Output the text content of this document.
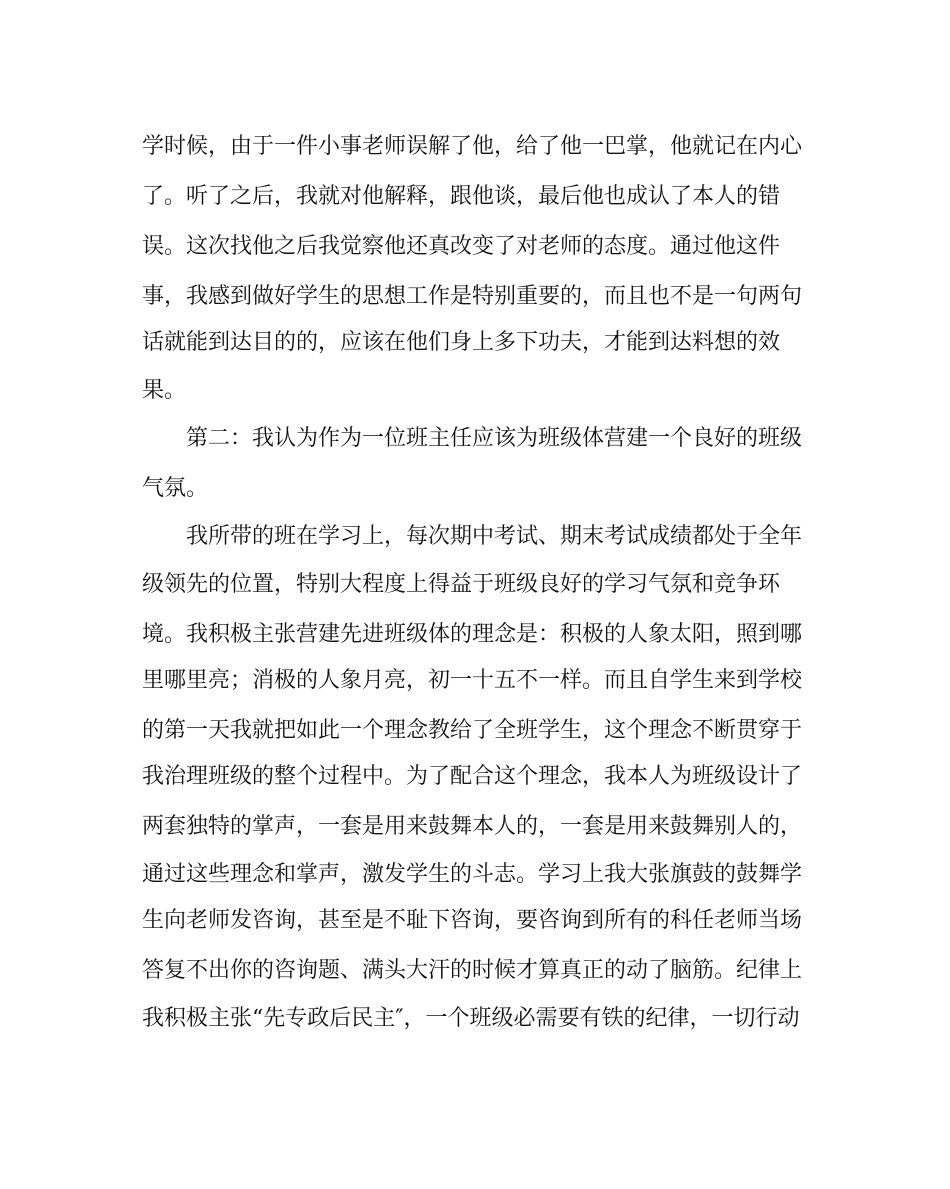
学时候，由于一件小事老师误解了他，给了他一巴掌，他就记在内心

了。听了之后，我就对他解释，跟他谈，最后他也成认了本人的错

误。这次找他之后我觉察他还真改变了对老师的态度。通过他这件

事，我感到做好学生的思想工作是特别重要的，而且也不是一句两句

话就能到达目的的，应该在他们身上多下功夫，才能到达料想的效

果。

第二：我认为作为一位班主任应该为班级体营建一个良好的班级

气氛。

我所带的班在学习上，每次期中考试、期末考试成绩都处于全年

级领先的位置，特别大程度上得益于班级良好的学习气氛和竞争环

境。我积极主张营建先进班级体的理念是：积极的人象太阳，照到哪

里哪里亮；消极的人象月亮，初一十五不一样。而且自学生来到学校

的第一天我就把如此一个理念教给了全班学生，这个理念不断贯穿于

我治理班级的整个过程中。为了配合这个理念，我本人为班级设计了

两套独特的掌声，一套是用来鼓舞本人的，一套是用来鼓舞别人的，

通过这些理念和掌声，激发学生的斗志。学习上我大张旗鼓的鼓舞学

生向老师发咨询，甚至是不耻下咨询，要咨询到所有的科任老师当场

答复不出你的咨询题、满头大汗的时候才算真正的动了脑筋。纪律上

我积极主张“先专政后民主″，一个班级必需要有铁的纪律，一切行动
